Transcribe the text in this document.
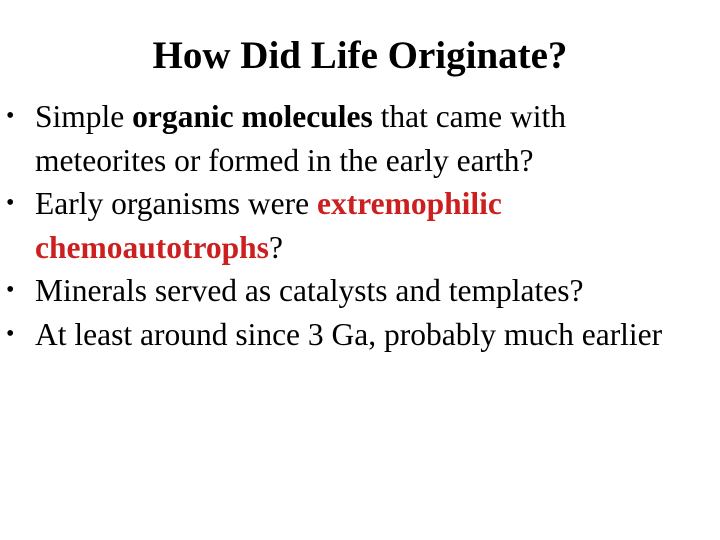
How Did Life Originate?
• Simple organic molecules that came with meteorites or formed in the early earth?
• Early organisms were extremophilic chemoautotrophs?
• Minerals served as catalysts and templates?
• At least around since 3 Ga, probably much earlier
